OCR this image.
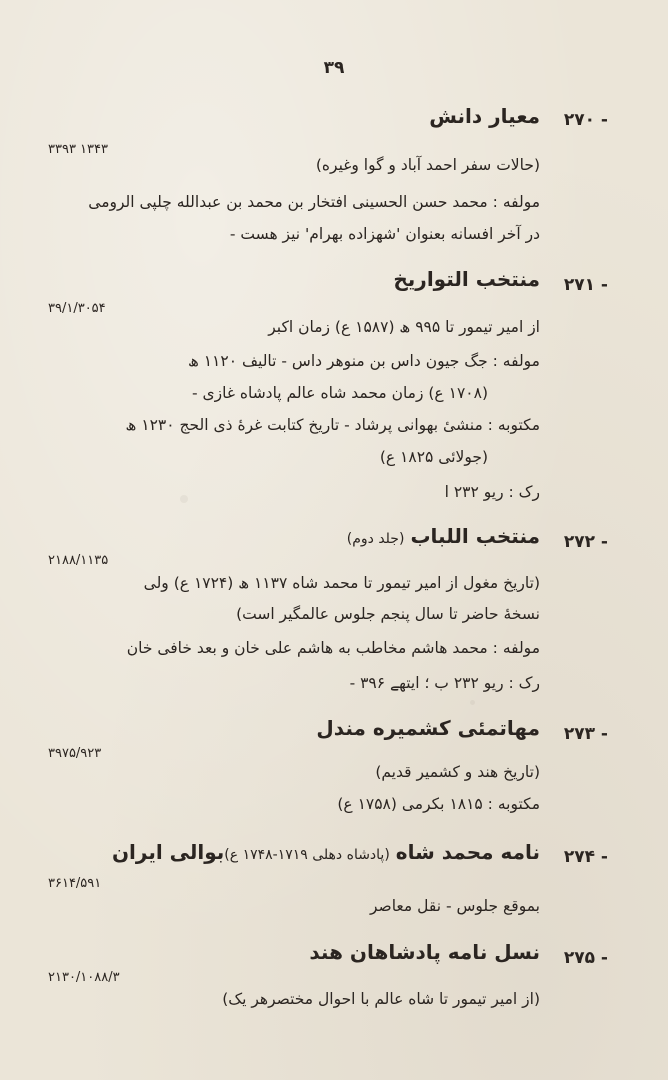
۳۹
۲۷۰ -
معیار دانش
۳۳۹۳ ۱۳۴۳
(حالات سفر احمد آباد و گوا وغیره)
مولفه : محمد حسن الحسینی افتخار بن محمد بن عبدالله چلپی الرومی
در آخر افسانه بعنوان 'شهزاده بهرام' نیز هست -
۲۷۱ -
منتخب التواریخ
۳۹/۱/۳۰۵۴
از امیر تیمور تا ۹۹۵ ھ (۱۵۸۷ ع) زمان اکبر
مولفه : جگ جیون داس بن منوهر داس - تالیف ۱۱۲۰ ھ
(۱۷۰۸ ع) زمان محمد شاه عالم پادشاه غازی -
مکتوبه : منشیٔ بهوانی پرشاد - تاریخ کتابت غرهٔ ذی الحج ۱۲۳۰ ھ
(جولائی ۱۸۲۵ ع)
رک : ریو ۲۳۲ ا
۲۷۲ -
منتخب اللباب(جلد دوم)
۲۱۸۸/۱۱۳۵
(تاریخ مغول از امیر تیمور تا محمد شاه ۱۱۳۷ ھ (۱۷۲۴ ع) ولی
نسخهٔ حاضر تا سال پنجم جلوس عالمگیر است)
مولفه : محمد هاشم مخاطب به هاشم علی خان و بعد خافی خان
رک : ریو ۲۳۲ ب ؛ ایتهے ۳۹۶ -
۲۷۳ -
مهاتمئی کشمیره مندل
۳۹۷۵/۹۲۳
(تاریخ هند و کشمیر قدیم)
مکتوبه : ۱۸۱۵ بکرمی (۱۷۵۸ ع)
۲۷۴ -
نامه محمد شاه(پادشاه دهلی ۱۷۱۹-۱۷۴۸ ع)بوالی ایران
۳۶۱۴/۵۹۱
بموقع جلوس - نقل معاصر
۲۷۵ -
نسل نامه پادشاهان هند
۲۱۳۰/۱۰۸۸/۳
(از امیر تیمور تا شاه عالم با احوال مختصرهر یک)
